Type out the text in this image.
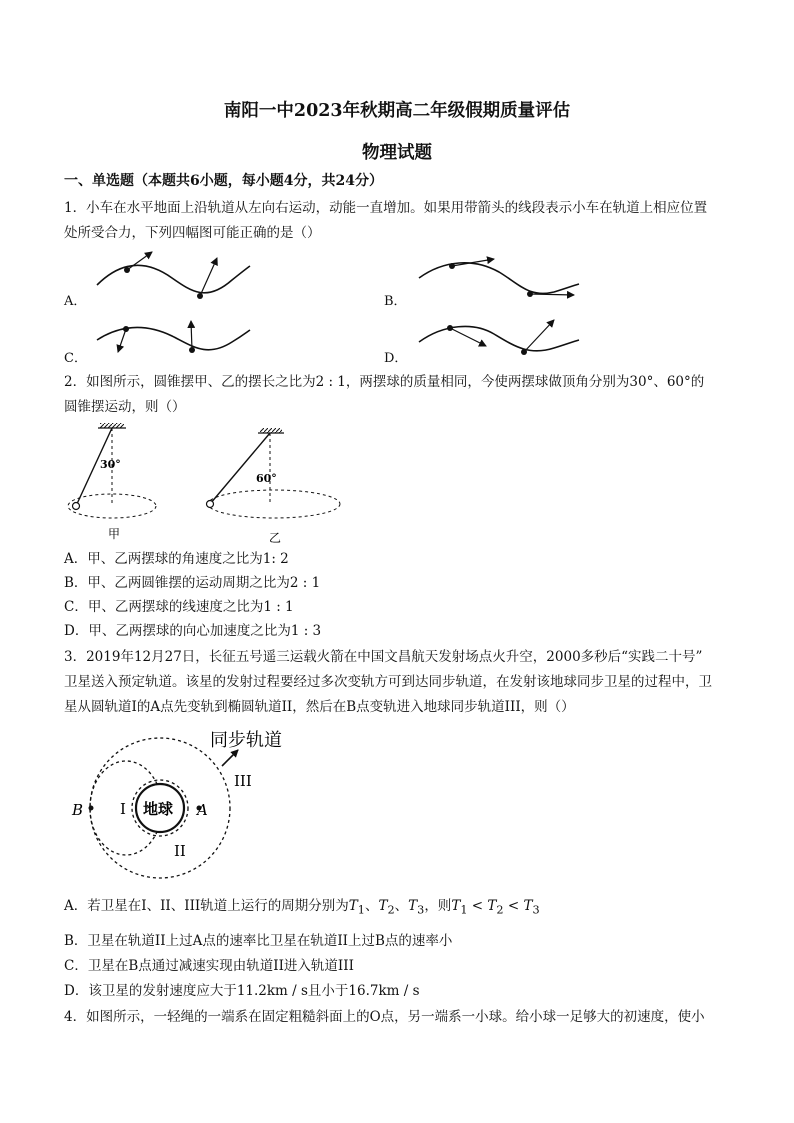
南阳一中2023年秋期高二年级假期质量评估
物理试题
一、单选题（本题共6小题，每小题4分，共24分）
1．小车在水平地面上沿轨道从左向右运动，动能一直增加。如果用带箭头的线段表示小车在轨道上相应位置
处所受合力，下列四幅图可能正确的是（）
A．	B．
C．	D．
2．如图所示，圆锥摆甲、乙的摆长之比为2 : 1，两摆球的质量相同，今使两摆球做顶角分别为30°、60°的
圆锥摆运动，则（）
30°
甲
60°
乙
A．甲、乙两摆球的角速度之比为1: 2
B．甲、乙两圆锥摆的运动周期之比为2 : 1
C．甲、乙两摆球的线速度之比为1 : 1
D．甲、乙两摆球的向心加速度之比为1 : 3
3．2019年12月27日，长征五号遥三运载火箭在中国文昌航天发射场点火升空，2000多秒后“实践二十号”
卫星送入预定轨道。该星的发射过程要经过多次变轨方可到达同步轨道，在发射该地球同步卫星的过程中，卫
星从圆轨道I的A点先变轨到椭圆轨道II，然后在B点变轨进入地球同步轨道III，则（）
同步轨道
地球
I
II
III
A
B
A．若卫星在I、II、III轨道上运行的周期分别为$T_1$、$T_2$、$T_3$，则$T_1 < T_2 < T_3$
B．卫星在轨道II上过A点的速率比卫星在轨道II上过B点的速率小
C．卫星在B点通过减速实现由轨道II进入轨道III
D．该卫星的发射速度应大于11.2km / s且小于16.7km / s
4．如图所示，一轻绳的一端系在固定粗糙斜面上的O点，另一端系一小球。给小球一足够大的初速度，使小
